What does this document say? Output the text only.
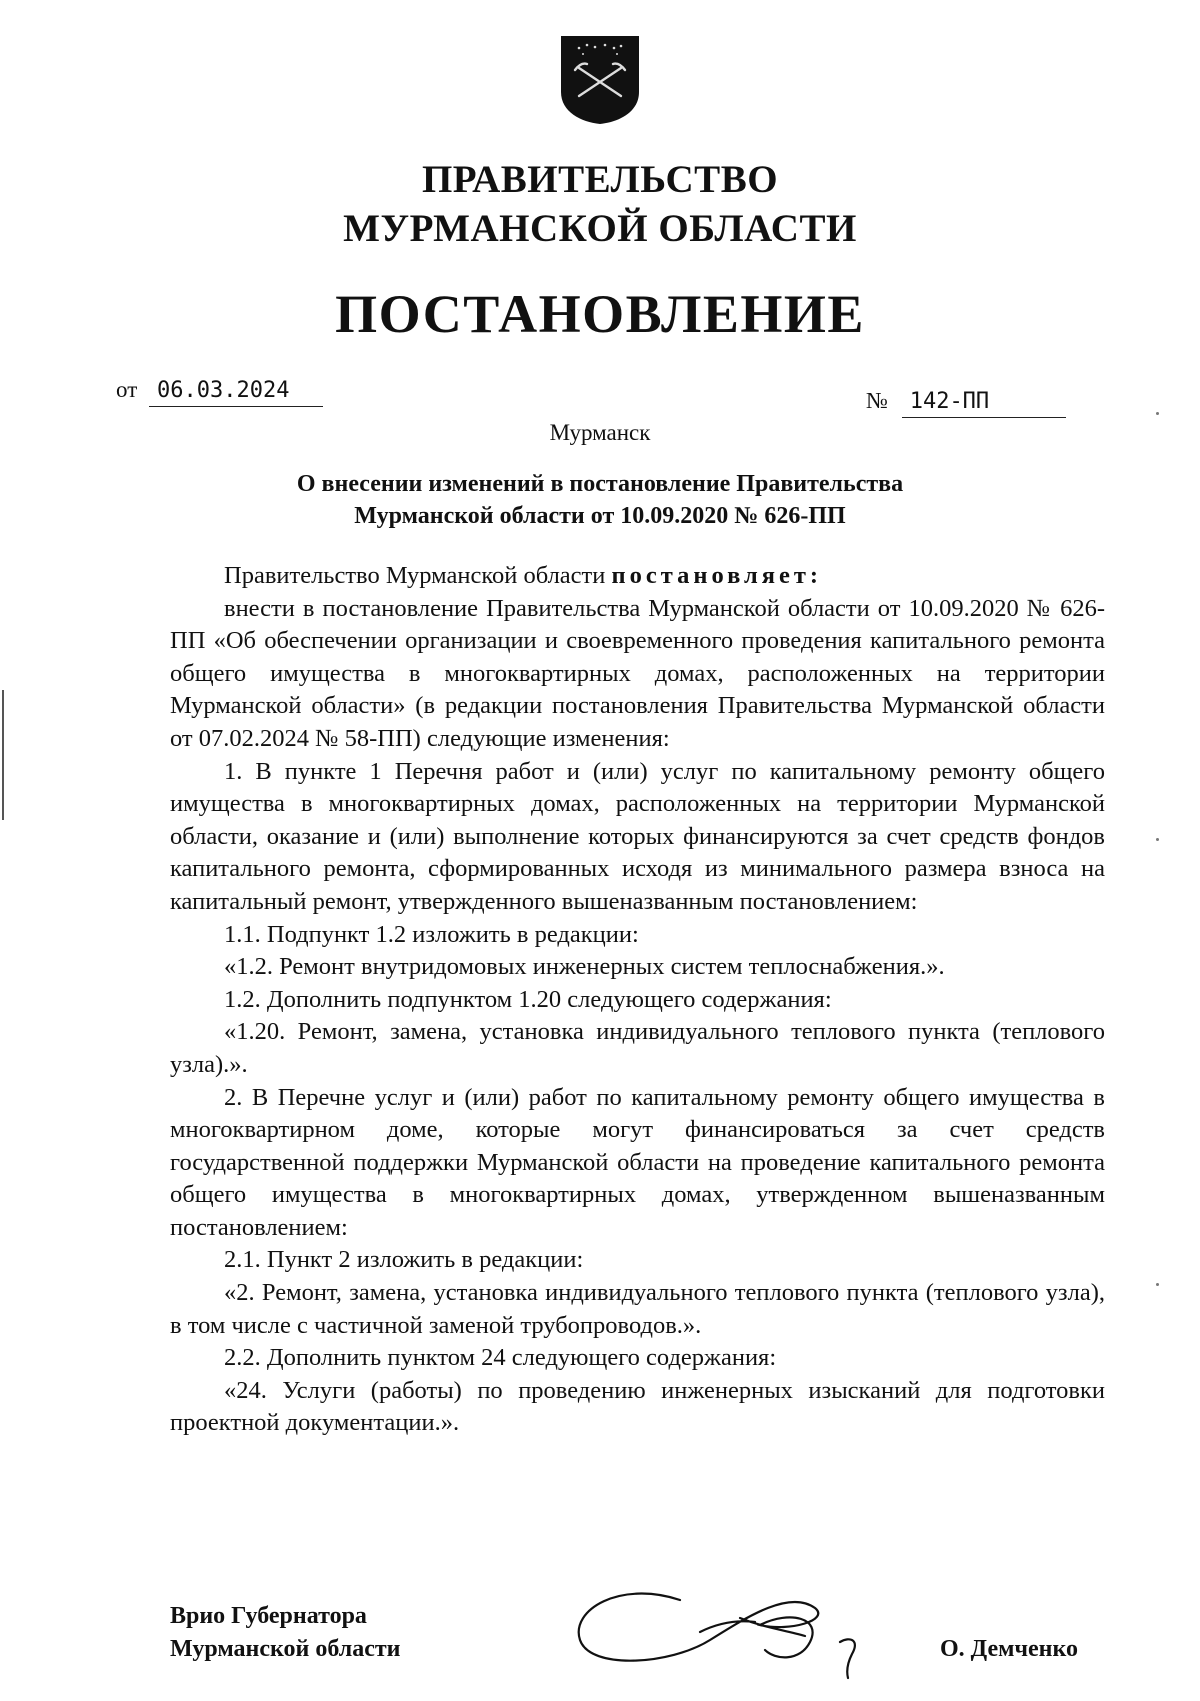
ПРАВИТЕЛЬСТВО
МУРМАНСКОЙ ОБЛАСТИ
ПОСТАНОВЛЕНИЕ
от 06.03.2024	№ 142-ПП
Мурманск
О внесении изменений в постановление Правительства
Мурманской области от 10.09.2020 № 626-ПП

Правительство Мурманской области постановляет:

внести в постановление Правительства Мурманской области от 10.09.2020 № 626-ПП «Об обеспечении организации и своевременного проведения капитального ремонта общего имущества в многоквартирных домах, расположенных на территории Мурманской области» (в редакции постановления Правительства Мурманской области от 07.02.2024 № 58-ПП) следующие изменения:

1. В пункте 1 Перечня работ и (или) услуг по капитальному ремонту общего имущества в многоквартирных домах, расположенных на территории Мурманской области, оказание и (или) выполнение которых финансируются за счет средств фондов капитального ремонта, сформированных исходя из минимального размера взноса на капитальный ремонт, утвержденного вышеназванным постановлением:

1.1. Подпункт 1.2 изложить в редакции:

«1.2. Ремонт внутридомовых инженерных систем теплоснабжения.».

1.2. Дополнить подпунктом 1.20 следующего содержания:

«1.20. Ремонт, замена, установка индивидуального теплового пункта (теплового узла).».

2. В Перечне услуг и (или) работ по капитальному ремонту общего имущества в многоквартирном доме, которые могут финансироваться за счет средств государственной поддержки Мурманской области на проведение капитального ремонта общего имущества в многоквартирных домах, утвержденном вышеназванным постановлением:

2.1. Пункт 2 изложить в редакции:

«2. Ремонт, замена, установка индивидуального теплового пункта (теплового узла), в том числе с частичной заменой трубопроводов.».

2.2. Дополнить пунктом 24 следующего содержания:

«24. Услуги (работы) по проведению инженерных изысканий для подготовки проектной документации.».

Врио Губернатора
Мурманской области	О. Демченко
